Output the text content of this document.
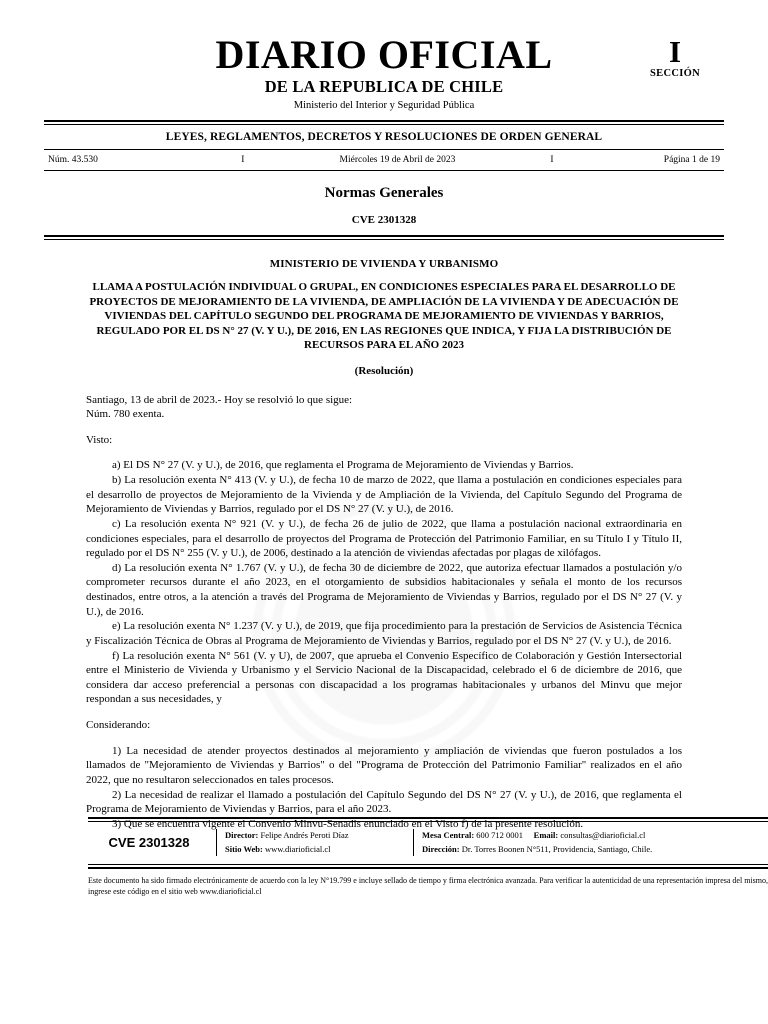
DIARIO OFICIAL
DE LA REPUBLICA DE CHILE
Ministerio del Interior y Seguridad Pública
I
SECCIÓN
LEYES, REGLAMENTOS, DECRETOS Y RESOLUCIONES DE ORDEN GENERAL
Núm. 43.530	I	Miércoles 19 de Abril de 2023	I	Página 1 de 19
Normas Generales
CVE 2301328
MINISTERIO DE VIVIENDA Y URBANISMO
LLAMA A POSTULACIÓN INDIVIDUAL O GRUPAL, EN CONDICIONES ESPECIALES PARA EL DESARROLLO DE PROYECTOS DE MEJORAMIENTO DE LA VIVIENDA, DE AMPLIACIÓN DE LA VIVIENDA Y DE ADECUACIÓN DE VIVIENDAS DEL CAPÍTULO SEGUNDO DEL PROGRAMA DE MEJORAMIENTO DE VIVIENDAS Y BARRIOS, REGULADO POR EL DS N° 27 (V. Y U.), DE 2016, EN LAS REGIONES QUE INDICA, Y FIJA LA DISTRIBUCIÓN DE RECURSOS PARA EL AÑO 2023
(Resolución)

Santiago, 13 de abril de 2023.- Hoy se resolvió lo que sigue:

Núm. 780 exenta.

Visto:

a) El DS N° 27 (V. y U.), de 2016, que reglamenta el Programa de Mejoramiento de Viviendas y Barrios.

b) La resolución exenta N° 413 (V. y U.), de fecha 10 de marzo de 2022, que llama a postulación en condiciones especiales para el desarrollo de proyectos de Mejoramiento de la Vivienda y de Ampliación de la Vivienda, del Capítulo Segundo del Programa de Mejoramiento de Viviendas y Barrios, regulado por el DS N° 27 (V. y U.), de 2016.

c) La resolución exenta N° 921 (V. y U.), de fecha 26 de julio de 2022, que llama a postulación nacional extraordinaria en condiciones especiales, para el desarrollo de proyectos del Programa de Protección del Patrimonio Familiar, en su Título I y Título II, regulado por el DS N° 255 (V. y U.), de 2006, destinado a la atención de viviendas afectadas por plagas de xilófagos.

d) La resolución exenta N° 1.767 (V. y U.), de fecha 30 de diciembre de 2022, que autoriza efectuar llamados a postulación y/o comprometer recursos durante el año 2023, en el otorgamiento de subsidios habitacionales y señala el monto de los recursos destinados, entre otros, a la atención a través del Programa de Mejoramiento de Viviendas y Barrios, regulado por el DS N° 27 (V. y U.), de 2016.

e) La resolución exenta N° 1.237 (V. y U.), de 2019, que fija procedimiento para la prestación de Servicios de Asistencia Técnica y Fiscalización Técnica de Obras al Programa de Mejoramiento de Viviendas y Barrios, regulado por el DS N° 27 (V. y U.), de 2016.

f) La resolución exenta N° 561 (V. y U), de 2007, que aprueba el Convenio Específico de Colaboración y Gestión Intersectorial entre el Ministerio de Vivienda y Urbanismo y el Servicio Nacional de la Discapacidad, celebrado el 6 de diciembre de 2016, que considera dar acceso preferencial a personas con discapacidad a los programas habitacionales y urbanos del Minvu que mejor respondan a sus necesidades, y

Considerando:

1) La necesidad de atender proyectos destinados al mejoramiento y ampliación de viviendas que fueron postulados a los llamados de "Mejoramiento de Viviendas y Barrios" o del "Programa de Protección del Patrimonio Familiar" realizados en el año 2022, que no resultaron seleccionados en tales procesos.

2) La necesidad de realizar el llamado a postulación del Capítulo Segundo del DS N° 27 (V. y U.), de 2016, que reglamenta el Programa de Mejoramiento de Viviendas y Barrios, para el año 2023.

3) Que se encuentra vigente el Convenio Minvu-Senadis enunciado en el Visto f) de la presente resolución.

CVE 2301328	Director: Felipe Andrés Peroti Díaz
Sitio Web: www.diarioficial.cl
Mesa Central: 600 712 0001 Email: consultas@diarioficial.cl
Dirección: Dr. Torres Boonen N°511, Providencia, Santiago, Chile.
Este documento ha sido firmado electrónicamente de acuerdo con la ley N°19.799 e incluye sellado de tiempo y firma electrónica avanzada. Para verificar la autenticidad de una representación impresa del mismo, ingrese este código en el sitio web www.diarioficial.cl
